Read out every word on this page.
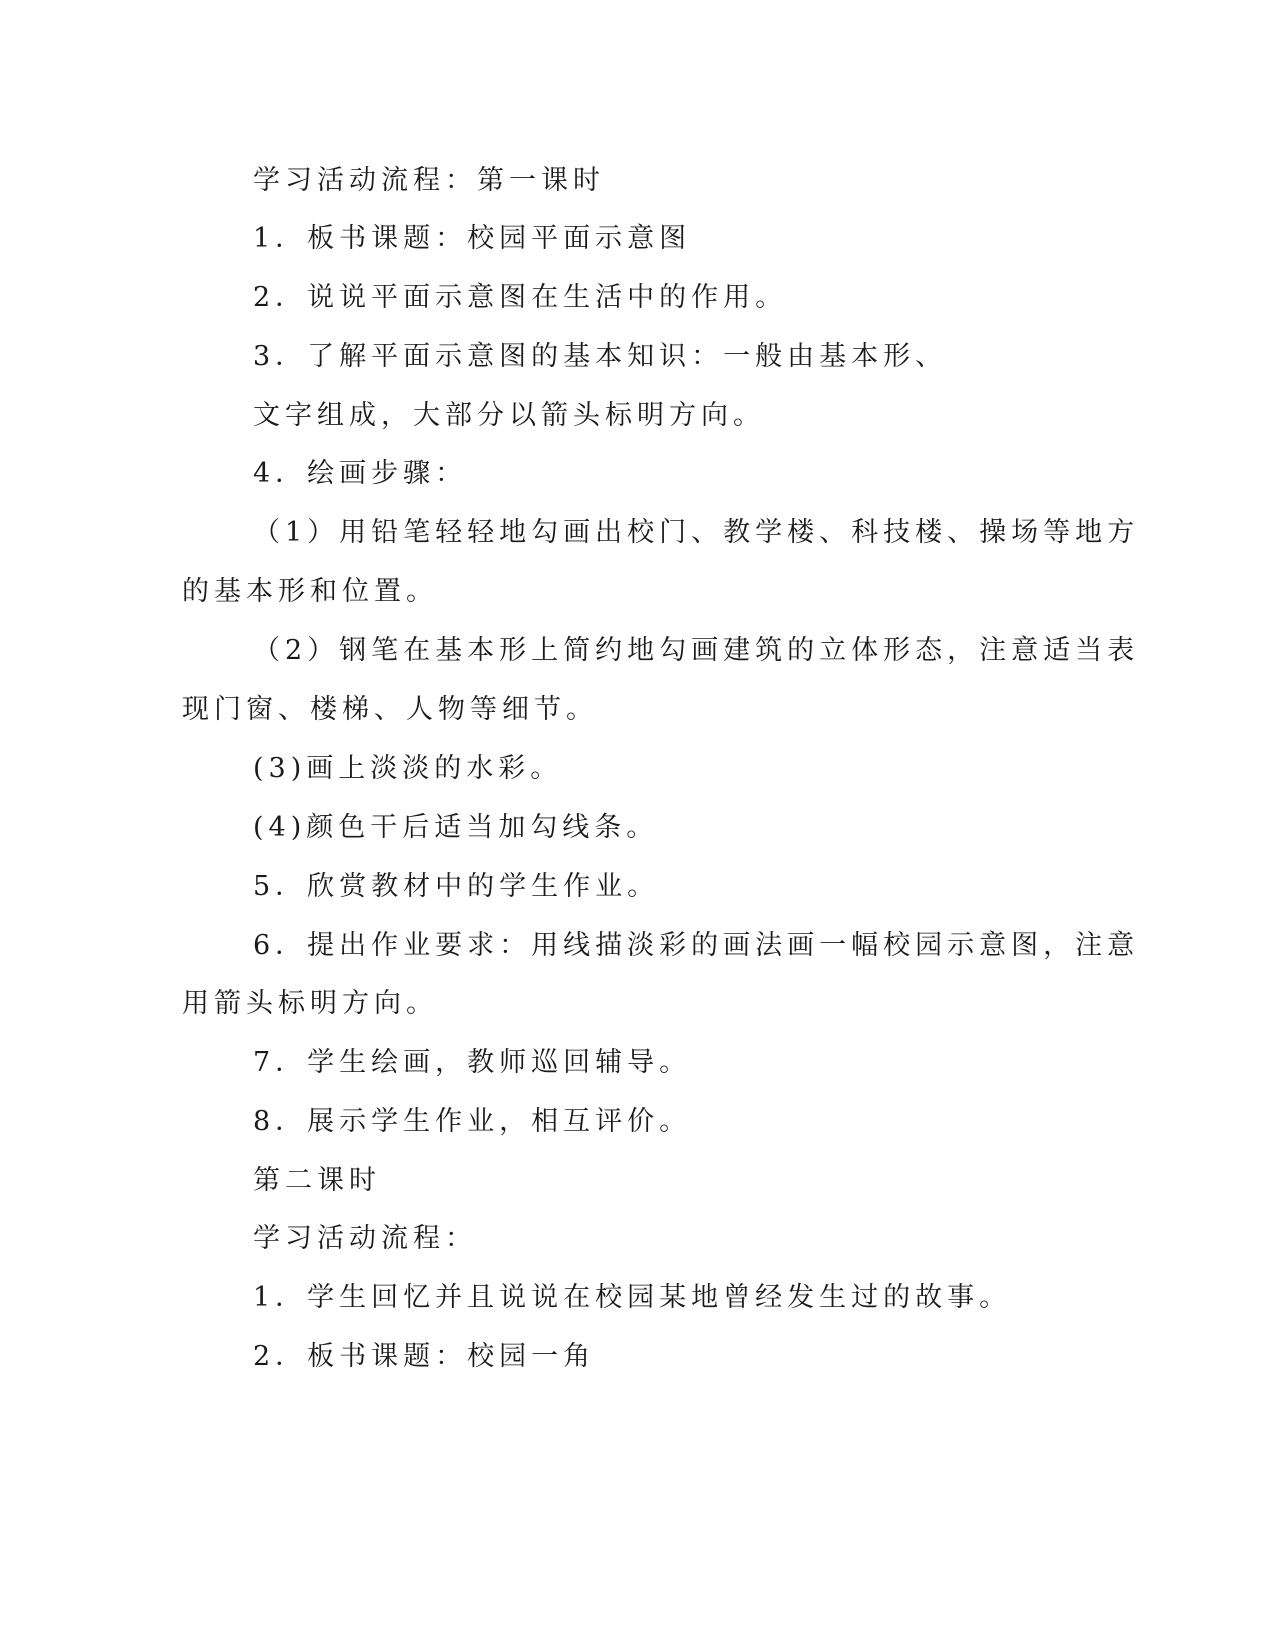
学习活动流程：第一课时
1．板书课题：校园平面示意图
2．说说平面示意图在生活中的作用。
3．了解平面示意图的基本知识：一般由基本形、
文字组成，大部分以箭头标明方向。
4．绘画步骤：
（1）用铅笔轻轻地勾画出校门、教学楼、科技楼、操场等地方
的基本形和位置。
（2）钢笔在基本形上简约地勾画建筑的立体形态，注意适当表
现门窗、楼梯、人物等细节。
(3)画上淡淡的水彩。
(4)颜色干后适当加勾线条。
5．欣赏教材中的学生作业。
6．提出作业要求：用线描淡彩的画法画一幅校园示意图，注意
用箭头标明方向。
7．学生绘画，教师巡回辅导。
8．展示学生作业，相互评价。
第二课时
学习活动流程：
1．学生回忆并且说说在校园某地曾经发生过的故事。
2．板书课题：校园一角
